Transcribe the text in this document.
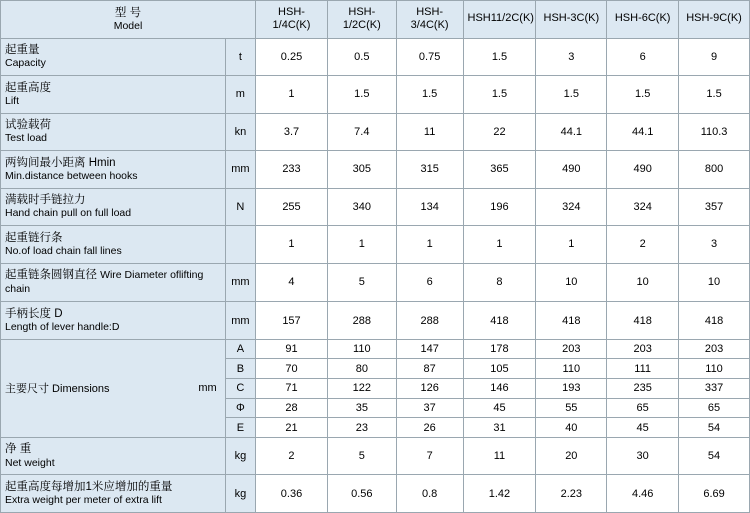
型 号
Model		HSH-1/4C(K)	HSH-1/2C(K)	HSH-3/4C(K)	HSH11/2C(K)	HSH-3C(K)	HSH-6C(K)	HSH-9C(K)

起重量
Capacity	t	0.25	0.5	0.75	1.5	3	6	9

起重高度
Lift	m	1	1.5	1.5	1.5	1.5	1.5	1.5

试验载荷
Test load	kn	3.7	7.4	11	22	44.1	44.1	110.3

两钩间最小距离 Hmin
Min.distance between hooks	mm	233	305	315	365	490	490	800

满载时手链拉力
Hand chain pull on full load	N	255	340	134	196	324	324	357

起重链行条
No.of load chain fall lines		1	1	1	1	1	2	3
起重链条圆钢直径 Wire Diameter oflifting chain	mm	4	5	6	8	10	10	10

手柄长度 D
Length of lever handle:D	mm	157	288	288	418	418	418	418

主要尺寸 Dimensions mm	A	91	110	147	178	203	203	203
	B	70	80	87	105	110	111	110
	C	71	122	126	146	193	235	337
	Φ	28	35	37	45	55	65	65
	E	21	23	26	31	40	45	54

净 重
Net weight	kg	2	5	7	11	20	30	54

起重高度每增加1米应增加的重量
Extra weight per meter of extra lift	kg	0.36	0.56	0.8	1.42	2.23	4.46	6.69
